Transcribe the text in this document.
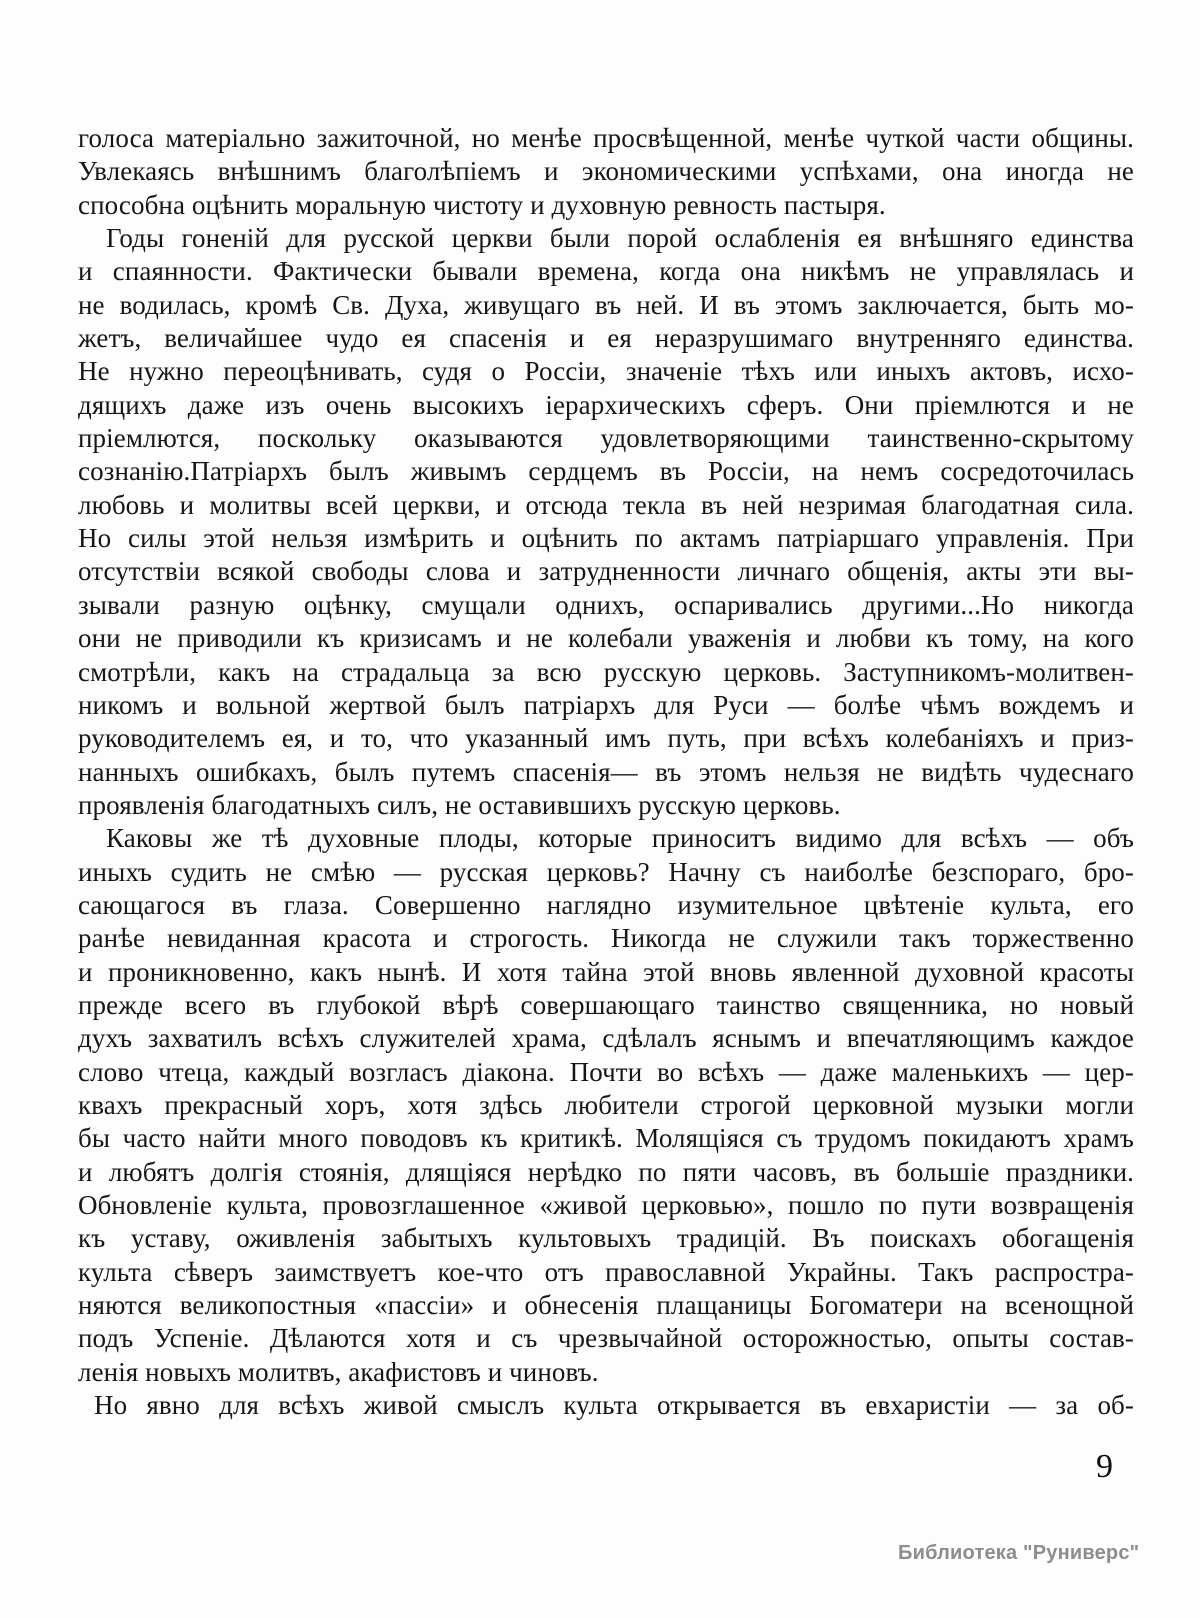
голоса матеріально зажиточной, но менѣе просвѣщенной, менѣе чуткой части общины.
Увлекаясь внѣшнимъ благолѣпіемъ и экономическими успѣхами, она иногда не
способна оцѣнить моральную чистоту и духовную ревность пастыря.
Годы гоненій для русской церкви были порой ослабленія ея внѣшняго единства
и спаянности. Фактически бывали времена, когда она никѣмъ не управлялась и
не водилась, кромѣ Св. Духа, живущаго въ ней. И въ этомъ заключается, быть мо-
жетъ, величайшее чудо ея спасенія и ея неразрушимаго внутренняго единства.
Не нужно переоцѣнивать, судя о Россіи, значеніе тѣхъ или иныхъ актовъ, исхо-
дящихъ даже изъ очень высокихъ іерархическихъ сферъ. Они пріемлются и не
пріемлются, поскольку оказываются удовлетворяющими таинственно-скрытому
сознанію.Патріархъ былъ живымъ сердцемъ въ Россіи, на немъ сосредоточилась
любовь и молитвы всей церкви, и отсюда текла въ ней незримая благодатная сила.
Но силы этой нельзя измѣрить и оцѣнить по актамъ патріаршаго управленія. При
отсутствіи всякой свободы слова и затрудненности личнаго общенія, акты эти вы-
зывали разную оцѣнку, смущали однихъ, оспаривались другими...Но никогда
они не приводили къ кризисамъ и не колебали уваженія и любви къ тому, на кого
смотрѣли, какъ на страдальца за всю русскую церковь. Заступникомъ-молитвен-
никомъ и вольной жертвой былъ патріархъ для Руси — болѣе чѣмъ вождемъ и
руководителемъ ея, и то, что указанный имъ путь, при всѣхъ колебаніяхъ и приз-
нанныхъ ошибкахъ, былъ путемъ спасенія— въ этомъ нельзя не видѣть чудеснаго
проявленія благодатныхъ силъ, не оставившихъ русскую церковь.
Каковы же тѣ духовные плоды, которые приноситъ видимо для всѣхъ — объ
иныхъ судить не смѣю — русская церковь? Начну съ наиболѣе безспораго, бро-
сающагося въ глаза. Совершенно наглядно изумительное цвѣтеніе культа, его
ранѣе невиданная красота и строгость. Никогда не служили такъ торжественно
и проникновенно, какъ нынѣ. И хотя тайна этой вновь явленной духовной красоты
прежде всего въ глубокой вѣрѣ совершающаго таинство священника, но новый
духъ захватилъ всѣхъ служителей храма, сдѣлалъ яснымъ и впечатляющимъ каждое
слово чтеца, каждый возгласъ діакона. Почти во всѣхъ — даже маленькихъ — цер-
квахъ прекрасный хоръ, хотя здѣсь любители строгой церковной музыки могли
бы часто найти много поводовъ къ критикѣ. Молящіяся съ трудомъ покидаютъ храмъ
и любятъ долгія стоянія, длящіяся нерѣдко по пяти часовъ, въ большіе праздники.
Обновленіе культа, провозглашенное «живой церковью», пошло по пути возвращенія
къ уставу, оживленія забытыхъ культовыхъ традицій. Въ поискахъ обогащенія
культа сѣверъ заимствуетъ кое-что отъ православной Украйны. Такъ распростра-
няются великопостныя «пассіи» и обнесенія плащаницы Богоматери на всенощной
подъ Успеніе. Дѣлаются хотя и съ чрезвычайной осторожностью, опыты состав-
ленія новыхъ молитвъ, акафистовъ и чиновъ.
Но явно для всѣхъ живой смыслъ культа открывается въ евхаристіи — за об-
9
Библиотека "Руниверс"
